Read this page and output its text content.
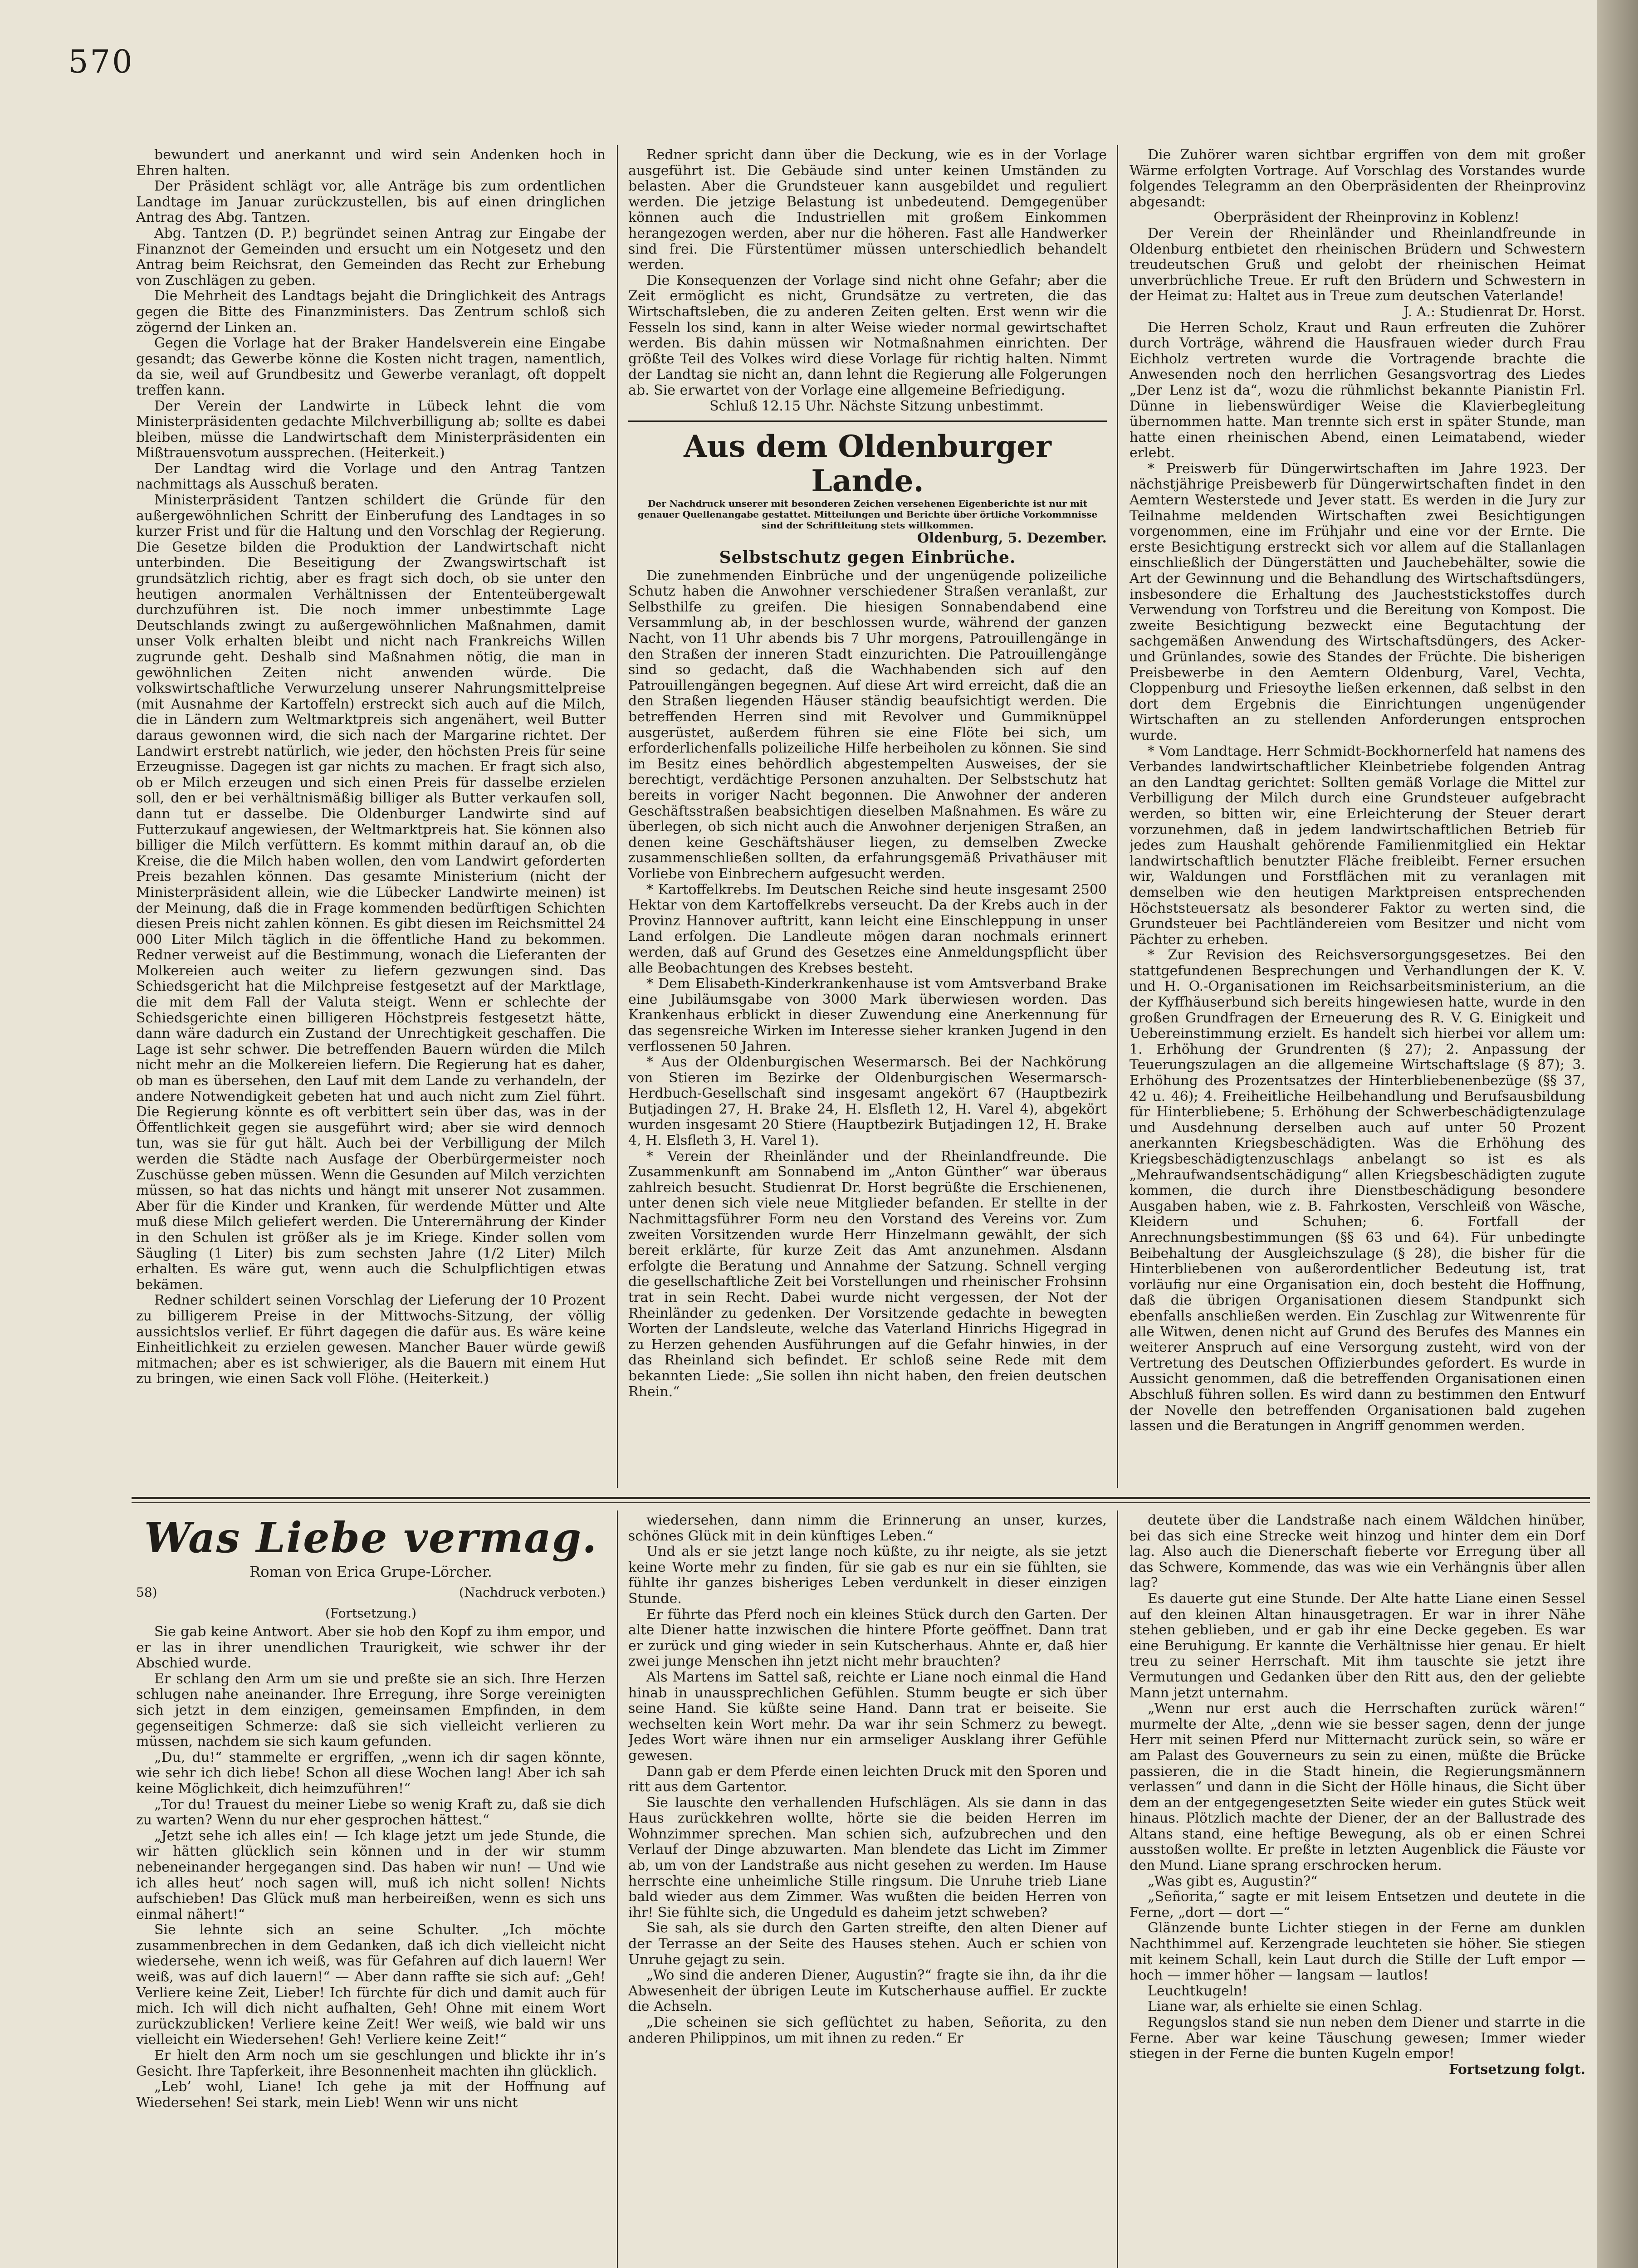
570

bewundert und anerkannt und wird sein Andenken hoch in Ehren halten.

Der Präsident schlägt vor, alle Anträge bis zum ordentlichen Landtage im Januar zurückzustellen, bis auf einen dringlichen Antrag des Abg. Tantzen.

Abg. Tantzen (D. P.) begründet seinen Antrag zur Eingabe der Finanznot der Gemeinden und ersucht um ein Notgesetz und den Antrag beim Reichsrat, den Gemeinden das Recht zur Erhebung von Zuschlägen zu geben.

Die Mehrheit des Landtags bejaht die Dringlichkeit des Antrags gegen die Bitte des Finanzministers. Das Zentrum schloß sich zögernd der Linken an.

Gegen die Vorlage hat der Braker Handelsverein eine Eingabe gesandt; das Gewerbe könne die Kosten nicht tragen, namentlich, da sie, weil auf Grundbesitz und Gewerbe veranlagt, oft doppelt treffen kann.

Der Verein der Landwirte in Lübeck lehnt die vom Ministerpräsidenten gedachte Milchverbilligung ab; sollte es dabei bleiben, müsse die Landwirtschaft dem Ministerpräsidenten ein Mißtrauensvotum aussprechen. (Heiterkeit.)

Der Landtag wird die Vorlage und den Antrag Tantzen nachmittags als Ausschuß beraten.

Ministerpräsident Tantzen schildert die Gründe für den außergewöhnlichen Schritt der Einberufung des Landtages in so kurzer Frist und für die Haltung und den Vorschlag der Regierung. Die Gesetze bilden die Produktion der Landwirtschaft nicht unterbinden. Die Beseitigung der Zwangswirtschaft ist grundsätzlich richtig, aber es fragt sich doch, ob sie unter den heutigen anormalen Verhältnissen der Ententeübergewalt durchzuführen ist. Die noch immer unbestimmte Lage Deutschlands zwingt zu außergewöhnlichen Maßnahmen, damit unser Volk erhalten bleibt und nicht nach Frankreichs Willen zugrunde geht. Deshalb sind Maßnahmen nötig, die man in gewöhnlichen Zeiten nicht anwenden würde. Die volkswirtschaftliche Verwurzelung unserer Nahrungsmittelpreise (mit Ausnahme der Kartoffeln) erstreckt sich auch auf die Milch, die in Ländern zum Weltmarktpreis sich angenähert, weil Butter daraus gewonnen wird, die sich nach der Margarine richtet. Der Landwirt erstrebt natürlich, wie jeder, den höchsten Preis für seine Erzeugnisse. Dagegen ist gar nichts zu machen. Er fragt sich also, ob er Milch erzeugen und sich einen Preis für dasselbe erzielen soll, den er bei verhältnismäßig billiger als Butter verkaufen soll, dann tut er dasselbe. Die Oldenburger Landwirte sind auf Futterzukauf angewiesen, der Weltmarktpreis hat. Sie können also billiger die Milch verfüttern. Es kommt mithin darauf an, ob die Kreise, die die Milch haben wollen, den vom Landwirt geforderten Preis bezahlen können. Das gesamte Ministerium (nicht der Ministerpräsident allein, wie die Lübecker Landwirte meinen) ist der Meinung, daß die in Frage kommenden bedürftigen Schichten diesen Preis nicht zahlen können. Es gibt diesen im Reichsmittel 24 000 Liter Milch täglich in die öffentliche Hand zu bekommen. Redner verweist auf die Bestimmung, wonach die Lieferanten der Molkereien auch weiter zu liefern gezwungen sind. Das Schiedsgericht hat die Milchpreise festgesetzt auf der Marktlage, die mit dem Fall der Valuta steigt. Wenn er schlechte der Schiedsgerichte einen billigeren Höchstpreis festgesetzt hätte, dann wäre dadurch ein Zustand der Unrechtigkeit geschaffen. Die Lage ist sehr schwer. Die betreffenden Bauern würden die Milch nicht mehr an die Molkereien liefern. Die Regierung hat es daher, ob man es übersehen, den Lauf mit dem Lande zu verhandeln, der andere Notwendigkeit gebeten hat und auch nicht zum Ziel führt. Die Regierung könnte es oft verbittert sein über das, was in der Öffentlichkeit gegen sie ausgeführt wird; aber sie wird dennoch tun, was sie für gut hält. Auch bei der Verbilligung der Milch werden die Städte nach Ausfage der Oberbürgermeister noch Zuschüsse geben müssen. Wenn die Gesunden auf Milch verzichten müssen, so hat das nichts und hängt mit unserer Not zusammen. Aber für die Kinder und Kranken, für werdende Mütter und Alte muß diese Milch geliefert werden. Die Unterernährung der Kinder in den Schulen ist größer als je im Kriege. Kinder sollen vom Säugling (1 Liter) bis zum sechsten Jahre (1/2 Liter) Milch erhalten. Es wäre gut, wenn auch die Schulpflichtigen etwas bekämen.

Redner schildert seinen Vorschlag der Lieferung der 10 Prozent zu billigerem Preise in der Mittwochs-Sitzung, der völlig aussichtslos verlief. Er führt dagegen die dafür aus. Es wäre keine Einheitlichkeit zu erzielen gewesen. Mancher Bauer würde gewiß mitmachen; aber es ist schwieriger, als die Bauern mit einem Hut zu bringen, wie einen Sack voll Flöhe. (Heiterkeit.)

Redner spricht dann über die Deckung, wie es in der Vorlage ausgeführt ist. Die Gebäude sind unter keinen Umständen zu belasten. Aber die Grundsteuer kann ausgebildet und reguliert werden. Die jetzige Belastung ist unbedeutend. Demgegenüber können auch die Industriellen mit großem Einkommen herangezogen werden, aber nur die höheren. Fast alle Handwerker sind frei. Die Fürstentümer müssen unterschiedlich behandelt werden.

Die Konsequenzen der Vorlage sind nicht ohne Gefahr; aber die Zeit ermöglicht es nicht, Grundsätze zu vertreten, die das Wirtschaftsleben, die zu anderen Zeiten gelten. Erst wenn wir die Fesseln los sind, kann in alter Weise wieder normal gewirtschaftet werden. Bis dahin müssen wir Notmaßnahmen einrichten. Der größte Teil des Volkes wird diese Vorlage für richtig halten. Nimmt der Landtag sie nicht an, dann lehnt die Regierung alle Folgerungen ab. Sie erwartet von der Vorlage eine allgemeine Befriedigung.

Schluß 12.15 Uhr. Nächste Sitzung unbestimmt.

Aus dem Oldenburger Lande.
Der Nachdruck unserer mit besonderen Zeichen versehenen Eigenberichte ist nur mit genauer Quellenangabe gestattet. Mitteilungen und Berichte über örtliche Vorkommnisse sind der Schriftleitung stets willkommen.
Oldenburg, 5. Dezember.
Selbstschutz gegen Einbrüche.

Die zunehmenden Einbrüche und der ungenügende polizeiliche Schutz haben die Anwohner verschiedener Straßen veranlaßt, zur Selbsthilfe zu greifen. Die hiesigen Sonnabendabend eine Versammlung ab, in der beschlossen wurde, während der ganzen Nacht, von 11 Uhr abends bis 7 Uhr morgens, Patrouillengänge in den Straßen der inneren Stadt einzurichten. Die Patrouillengänge sind so gedacht, daß die Wachhabenden sich auf den Patrouillengängen begegnen. Auf diese Art wird erreicht, daß die an den Straßen liegenden Häuser ständig beaufsichtigt werden. Die betreffenden Herren sind mit Revolver und Gummiknüppel ausgerüstet, außerdem führen sie eine Flöte bei sich, um erforderlichenfalls polizeiliche Hilfe herbeiholen zu können. Sie sind im Besitz eines behördlich abgestempelten Ausweises, der sie berechtigt, verdächtige Personen anzuhalten. Der Selbstschutz hat bereits in voriger Nacht begonnen. Die Anwohner der anderen Geschäftsstraßen beabsichtigen dieselben Maßnahmen. Es wäre zu überlegen, ob sich nicht auch die Anwohner derjenigen Straßen, an denen keine Geschäftshäuser liegen, zu demselben Zwecke zusammenschließen sollten, da erfahrungsgemäß Privathäuser mit Vorliebe von Einbrechern aufgesucht werden.

* Kartoffelkrebs. Im Deutschen Reiche sind heute insgesamt 2500 Hektar von dem Kartoffelkrebs verseucht. Da der Krebs auch in der Provinz Hannover auftritt, kann leicht eine Einschleppung in unser Land erfolgen. Die Landleute mögen daran nochmals erinnert werden, daß auf Grund des Gesetzes eine Anmeldungspflicht über alle Beobachtungen des Krebses besteht.

* Dem Elisabeth-Kinderkrankenhause ist vom Amtsverband Brake eine Jubiläumsgabe von 3000 Mark überwiesen worden. Das Krankenhaus erblickt in dieser Zuwendung eine Anerkennung für das segensreiche Wirken im Interesse sieher kranken Jugend in den verflossenen 50 Jahren.

* Aus der Oldenburgischen Wesermarsch. Bei der Nachkörung von Stieren im Bezirke der Oldenburgischen Wesermarsch-Herdbuch-Gesellschaft sind insgesamt angekört 67 (Hauptbezirk Butjadingen 27, H. Brake 24, H. Elsfleth 12, H. Varel 4), abgekört wurden insgesamt 20 Stiere (Hauptbezirk Butjadingen 12, H. Brake 4, H. Elsfleth 3, H. Varel 1).

* Verein der Rheinländer und der Rheinlandfreunde. Die Zusammenkunft am Sonnabend im „Anton Günther“ war überaus zahlreich besucht. Studienrat Dr. Horst begrüßte die Erschienenen, unter denen sich viele neue Mitglieder befanden. Er stellte in der Nachmittagsführer Form neu den Vorstand des Vereins vor. Zum zweiten Vorsitzenden wurde Herr Hinzelmann gewählt, der sich bereit erklärte, für kurze Zeit das Amt anzunehmen. Alsdann erfolgte die Beratung und Annahme der Satzung. Schnell verging die gesellschaftliche Zeit bei Vorstellungen und rheinischer Frohsinn trat in sein Recht. Dabei wurde nicht vergessen, der Not der Rheinländer zu gedenken. Der Vorsitzende gedachte in bewegten Worten der Landsleute, welche das Vaterland Hinrichs Higegrad in zu Herzen gehenden Ausführungen auf die Gefahr hinwies, in der das Rheinland sich befindet. Er schloß seine Rede mit dem bekannten Liede: „Sie sollen ihn nicht haben, den freien deutschen Rhein.“

Die Zuhörer waren sichtbar ergriffen von dem mit großer Wärme erfolgten Vortrage. Auf Vorschlag des Vorstandes wurde folgendes Telegramm an den Oberpräsidenten der Rheinprovinz abgesandt:

Oberpräsident der Rheinprovinz in Koblenz!

Der Verein der Rheinländer und Rheinlandfreunde in Oldenburg entbietet den rheinischen Brüdern und Schwestern treudeutschen Gruß und gelobt der rheinischen Heimat unverbrüchliche Treue. Er ruft den Brüdern und Schwestern in der Heimat zu: Haltet aus in Treue zum deutschen Vaterlande!

J. A.: Studienrat Dr. Horst.

Die Herren Scholz, Kraut und Raun erfreuten die Zuhörer durch Vorträge, während die Hausfrauen wieder durch Frau Eichholz vertreten wurde die Vortragende brachte die Anwesenden noch den herrlichen Gesangsvortrag des Liedes „Der Lenz ist da“, wozu die rühmlichst bekannte Pianistin Frl. Dünne in liebenswürdiger Weise die Klavierbegleitung übernommen hatte. Man trennte sich erst in später Stunde, man hatte einen rheinischen Abend, einen Leimatabend, wieder erlebt.

* Preiswerb für Düngerwirtschaften im Jahre 1923. Der nächstjährige Preisbewerb für Düngerwirtschaften findet in den Aemtern Westerstede und Jever statt. Es werden in die Jury zur Teilnahme meldenden Wirtschaften zwei Besichtigungen vorgenommen, eine im Frühjahr und eine vor der Ernte. Die erste Besichtigung erstreckt sich vor allem auf die Stallanlagen einschließlich der Düngerstätten und Jauchebehälter, sowie die Art der Gewinnung und die Behandlung des Wirtschaftsdüngers, insbesondere die Erhaltung des Jaucheststickstoffes durch Verwendung von Torfstreu und die Bereitung von Kompost. Die zweite Besichtigung bezweckt eine Begutachtung der sachgemäßen Anwendung des Wirtschaftsdüngers, des Acker- und Grünlandes, sowie des Standes der Früchte. Die bisherigen Preisbewerbe in den Aemtern Oldenburg, Varel, Vechta, Cloppenburg und Friesoythe ließen erkennen, daß selbst in den dort dem Ergebnis die Einrichtungen ungenügender Wirtschaften an zu stellenden Anforderungen entsprochen wurde.

* Vom Landtage. Herr Schmidt-Bockhornerfeld hat namens des Verbandes landwirtschaftlicher Kleinbetriebe folgenden Antrag an den Landtag gerichtet: Sollten gemäß Vorlage die Mittel zur Verbilligung der Milch durch eine Grundsteuer aufgebracht werden, so bitten wir, eine Erleichterung der Steuer derart vorzunehmen, daß in jedem landwirtschaftlichen Betrieb für jedes zum Haushalt gehörende Familienmitglied ein Hektar landwirtschaftlich benutzter Fläche freibleibt. Ferner ersuchen wir, Waldungen und Forstflächen mit zu veranlagen mit demselben wie den heutigen Marktpreisen entsprechenden Höchststeuersatz als besonderer Faktor zu werten sind, die Grundsteuer bei Pachtländereien vom Besitzer und nicht vom Pächter zu erheben.

* Zur Revision des Reichsversorgungsgesetzes. Bei den stattgefundenen Besprechungen und Verhandlungen der K. V. und H. O.-Organisationen im Reichsarbeitsministerium, an die der Kyffhäuserbund sich bereits hingewiesen hatte, wurde in den großen Grundfragen der Erneuerung des R. V. G. Einigkeit und Uebereinstimmung erzielt. Es handelt sich hierbei vor allem um: 1. Erhöhung der Grundrenten (§ 27); 2. Anpassung der Teuerungszulagen an die allgemeine Wirtschaftslage (§ 87); 3. Erhöhung des Prozentsatzes der Hinterbliebenenbezüge (§§ 37, 42 u. 46); 4. Freiheitliche Heilbehandlung und Berufsausbildung für Hinterbliebene; 5. Erhöhung der Schwerbeschädigtenzulage und Ausdehnung derselben auch auf unter 50 Prozent anerkannten Kriegsbeschädigten. Was die Erhöhung des Kriegsbeschädigtenzuschlags anbelangt so ist es als „Mehraufwandsentschädigung“ allen Kriegsbeschädigten zugute kommen, die durch ihre Dienstbeschädigung besondere Ausgaben haben, wie z. B. Fahrkosten, Verschleiß von Wäsche, Kleidern und Schuhen; 6. Fortfall der Anrechnungsbestimmungen (§§ 63 und 64). Für unbedingte Beibehaltung der Ausgleichszulage (§ 28), die bisher für die Hinterbliebenen von außerordentlicher Bedeutung ist, trat vorläufig nur eine Organisation ein, doch besteht die Hoffnung, daß die übrigen Organisationen diesem Standpunkt sich ebenfalls anschließen werden. Ein Zuschlag zur Witwenrente für alle Witwen, denen nicht auf Grund des Berufes des Mannes ein weiterer Anspruch auf eine Versorgung zusteht, wird von der Vertretung des Deutschen Offizierbundes gefordert. Es wurde in Aussicht genommen, daß die betreffenden Organisationen einen Abschluß führen sollen. Es wird dann zu bestimmen den Entwurf der Novelle den betreffenden Organisationen bald zugehen lassen und die Beratungen in Angriff genommen werden.

Was Liebe vermag.
Roman von Erica Grupe-Lörcher.
58)	(Nachdruck verboten.)
(Fortsetzung.)

Sie gab keine Antwort. Aber sie hob den Kopf zu ihm empor, und er las in ihrer unendlichen Traurigkeit, wie schwer ihr der Abschied wurde.

Er schlang den Arm um sie und preßte sie an sich. Ihre Herzen schlugen nahe aneinander. Ihre Erregung, ihre Sorge vereinigten sich jetzt in dem einzigen, gemeinsamen Empfinden, in dem gegenseitigen Schmerze: daß sie sich vielleicht verlieren zu müssen, nachdem sie sich kaum gefunden.

„Du, du!“ stammelte er ergriffen, „wenn ich dir sagen könnte, wie sehr ich dich liebe! Schon all diese Wochen lang! Aber ich sah keine Möglichkeit, dich heimzuführen!“

„Tor du! Trauest du meiner Liebe so wenig Kraft zu, daß sie dich zu warten? Wenn du nur eher gesprochen hättest.“

„Jetzt sehe ich alles ein! — Ich klage jetzt um jede Stunde, die wir hätten glücklich sein können und in der wir stumm nebeneinander hergegangen sind. Das haben wir nun! — Und wie ich alles heut’ noch sagen will, muß ich nicht sollen! Nichts aufschieben! Das Glück muß man herbeireißen, wenn es sich uns einmal nähert!“

Sie lehnte sich an seine Schulter. „Ich möchte zusammenbrechen in dem Gedanken, daß ich dich vielleicht nicht wiedersehe, wenn ich weiß, was für Gefahren auf dich lauern! Wer weiß, was auf dich lauern!“ — Aber dann raffte sie sich auf: „Geh! Verliere keine Zeit, Lieber! Ich fürchte für dich und damit auch für mich. Ich will dich nicht aufhalten, Geh! Ohne mit einem Wort zurückzublicken! Verliere keine Zeit! Wer weiß, wie bald wir uns vielleicht ein Wiedersehen! Geh! Verliere keine Zeit!“

Er hielt den Arm noch um sie geschlungen und blickte ihr in’s Gesicht. Ihre Tapferkeit, ihre Besonnenheit machten ihn glücklich.

„Leb’ wohl, Liane! Ich gehe ja mit der Hoffnung auf Wiedersehen! Sei stark, mein Lieb! Wenn wir uns nicht

wiedersehen, dann nimm die Erinnerung an unser, kurzes, schönes Glück mit in dein künftiges Leben.“

Und als er sie jetzt lange noch küßte, zu ihr neigte, als sie jetzt keine Worte mehr zu finden, für sie gab es nur ein sie fühlten, sie fühlte ihr ganzes bisheriges Leben verdunkelt in dieser einzigen Stunde.

Er führte das Pferd noch ein kleines Stück durch den Garten. Der alte Diener hatte inzwischen die hintere Pforte geöffnet. Dann trat er zurück und ging wieder in sein Kutscherhaus. Ahnte er, daß hier zwei junge Menschen ihn jetzt nicht mehr brauchten?

Als Martens im Sattel saß, reichte er Liane noch einmal die Hand hinab in unaussprechlichen Gefühlen. Stumm beugte er sich über seine Hand. Sie küßte seine Hand. Dann trat er beiseite. Sie wechselten kein Wort mehr. Da war ihr sein Schmerz zu bewegt. Jedes Wort wäre ihnen nur ein armseliger Ausklang ihrer Gefühle gewesen.

Dann gab er dem Pferde einen leichten Druck mit den Sporen und ritt aus dem Gartentor.

Sie lauschte den verhallenden Hufschlägen. Als sie dann in das Haus zurückkehren wollte, hörte sie die beiden Herren im Wohnzimmer sprechen. Man schien sich, aufzubrechen und den Verlauf der Dinge abzuwarten. Man blendete das Licht im Zimmer ab, um von der Landstraße aus nicht gesehen zu werden. Im Hause herrschte eine unheimliche Stille ringsum. Die Unruhe trieb Liane bald wieder aus dem Zimmer. Was wußten die beiden Herren von ihr! Sie fühlte sich, die Ungeduld es daheim jetzt schweben?

Sie sah, als sie durch den Garten streifte, den alten Diener auf der Terrasse an der Seite des Hauses stehen. Auch er schien von Unruhe gejagt zu sein.

„Wo sind die anderen Diener, Augustin?“ fragte sie ihn, da ihr die Abwesenheit der übrigen Leute im Kutscherhause auffiel. Er zuckte die Achseln.

„Die scheinen sie sich geflüchtet zu haben, Señorita, zu den anderen Philippinos, um mit ihnen zu reden.“ Er

deutete über die Landstraße nach einem Wäldchen hinüber, bei das sich eine Strecke weit hinzog und hinter dem ein Dorf lag. Also auch die Dienerschaft fieberte vor Erregung über all das Schwere, Kommende, das was wie ein Verhängnis über allen lag?

Es dauerte gut eine Stunde. Der Alte hatte Liane einen Sessel auf den kleinen Altan hinausgetragen. Er war in ihrer Nähe stehen geblieben, und er gab ihr eine Decke gegeben. Es war eine Beruhigung. Er kannte die Verhältnisse hier genau. Er hielt treu zu seiner Herrschaft. Mit ihm tauschte sie jetzt ihre Vermutungen und Gedanken über den Ritt aus, den der geliebte Mann jetzt unternahm.

„Wenn nur erst auch die Herrschaften zurück wären!“ murmelte der Alte, „denn wie sie besser sagen, denn der junge Herr mit seinen Pferd nur Mitternacht zurück sein, so wäre er am Palast des Gouverneurs zu sein zu einen, müßte die Brücke passieren, die in die Stadt hinein, die Regierungsmännern verlassen“ und dann in die Sicht der Hölle hinaus, die Sicht über dem an der entgegengesetzten Seite wieder ein gutes Stück weit hinaus. Plötzlich machte der Diener, der an der Ballustrade des Altans stand, eine heftige Bewegung, als ob er einen Schrei ausstoßen wollte. Er preßte in letzten Augenblick die Fäuste vor den Mund. Liane sprang erschrocken herum.

„Was gibt es, Augustin?“

„Señorita,“ sagte er mit leisem Entsetzen und deutete in die Ferne, „dort — dort —“

Glänzende bunte Lichter stiegen in der Ferne am dunklen Nachthimmel auf. Kerzengrade leuchteten sie höher. Sie stiegen mit keinem Schall, kein Laut durch die Stille der Luft empor — hoch — immer höher — langsam — lautlos!

Leuchtkugeln!

Liane war, als erhielte sie einen Schlag.

Regungslos stand sie nun neben dem Diener und starrte in die Ferne. Aber war keine Täuschung gewesen; Immer wieder stiegen in der Ferne die bunten Kugeln empor!

Fortsetzung folgt.
